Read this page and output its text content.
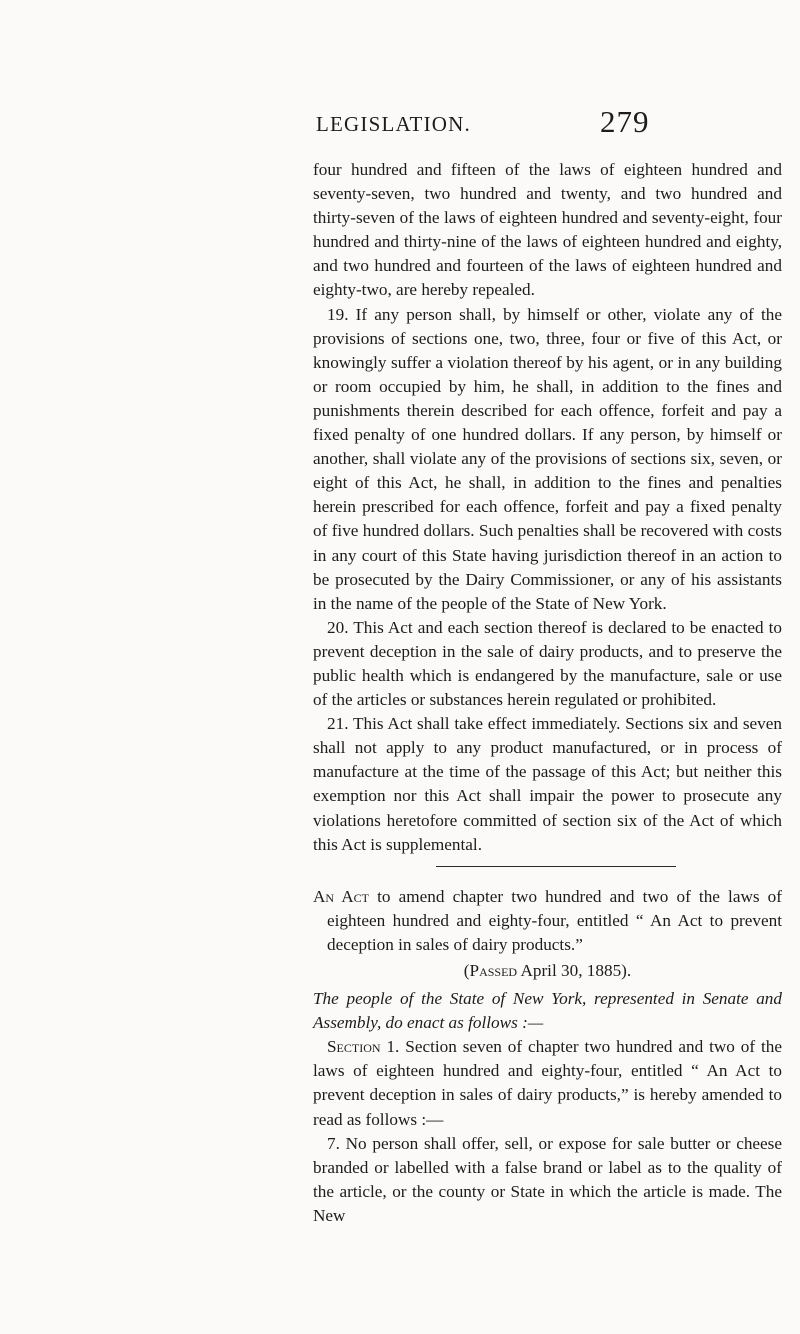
LEGISLATION.	279

four hundred and fifteen of the laws of eighteen hundred and seventy-seven, two hundred and twenty, and two hundred and thirty-seven of the laws of eighteen hundred and seventy-eight, four hundred and thirty-nine of the laws of eighteen hundred and eighty, and two hundred and fourteen of the laws of eighteen hundred and eighty-two, are hereby repealed.

19. If any person shall, by himself or other, violate any of the provisions of sections one, two, three, four or five of this Act, or knowingly suffer a violation thereof by his agent, or in any building or room occupied by him, he shall, in addition to the fines and punishments therein described for each offence, forfeit and pay a fixed penalty of one hundred dollars. If any person, by himself or another, shall violate any of the provisions of sections six, seven, or eight of this Act, he shall, in addition to the fines and penalties herein prescribed for each offence, forfeit and pay a fixed penalty of five hundred dollars. Such penalties shall be recovered with costs in any court of this State having jurisdiction thereof in an action to be prosecuted by the Dairy Commissioner, or any of his assistants in the name of the people of the State of New York.

20. This Act and each section thereof is declared to be enacted to prevent deception in the sale of dairy products, and to preserve the public health which is endangered by the manufacture, sale or use of the articles or substances herein regulated or prohibited.

21. This Act shall take effect immediately. Sections six and seven shall not apply to any product manufactured, or in process of manufacture at the time of the passage of this Act; but neither this exemption nor this Act shall impair the power to prosecute any violations heretofore committed of section six of the Act of which this Act is supplemental.

An Act to amend chapter two hundred and two of the laws of eighteen hundred and eighty-four, entitled “ An Act to prevent deception in sales of dairy products.”

(Passed April 30, 1885).

The people of the State of New York, represented in Senate and Assembly, do enact as follows :—

Section 1. Section seven of chapter two hundred and two of the laws of eighteen hundred and eighty-four, entitled “ An Act to prevent deception in sales of dairy products,” is hereby amended to read as follows :—

7. No person shall offer, sell, or expose for sale butter or cheese branded or labelled with a false brand or label as to the quality of the article, or the county or State in which the article is made. The New
